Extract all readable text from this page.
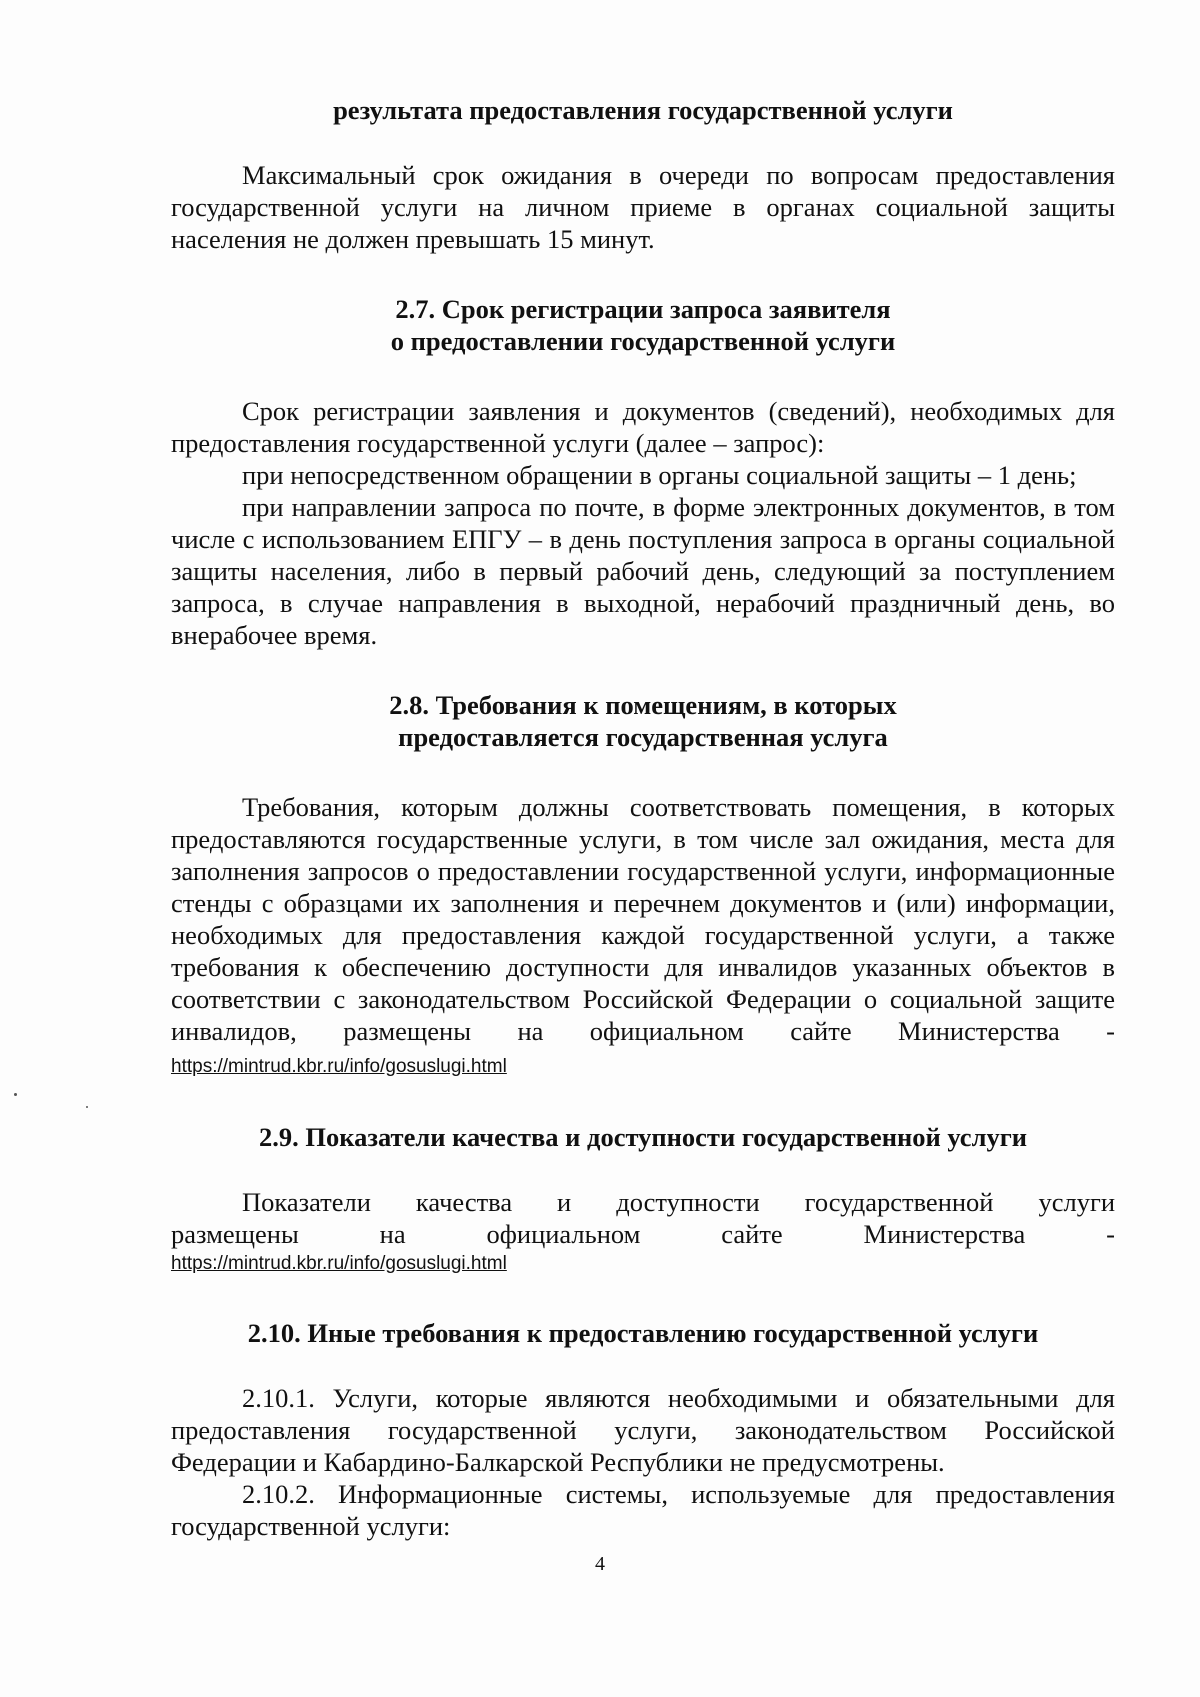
результата предоставления государственной услуги

Максимальный срок ожидания в очереди по вопросам предоставления государственной услуги на личном приеме в органах социальной защиты населения не должен превышать 15 минут.

2.7. Срок регистрации запроса заявителя

о предоставлении государственной услуги

Срок регистрации заявления и документов (сведений), необходимых для предоставления государственной услуги (далее – запрос):

при непосредственном обращении в органы социальной защиты – 1 день;

при направлении запроса по почте, в форме электронных документов, в том числе с использованием ЕПГУ – в день поступления запроса в органы социальной защиты населения, либо в первый рабочий день, следующий за поступлением запроса, в случае направления в выходной, нерабочий праздничный день, во внерабочее время.

2.8. Требования к помещениям, в которых

предоставляется государственная услуга

Требования, которым должны соответствовать помещения, в которых предоставляются государственные услуги, в том числе зал ожидания, места для заполнения запросов о предоставлении государственной услуги, информационные стенды с образцами их заполнения и перечнем документов и (или) информации, необходимых для предоставления каждой государственной услуги, а также требования к обеспечению доступности для инвалидов указанных объектов в соответствии с законодательством Российской Федерации о социальной защите инвалидов, размещены на официальном сайте Министерства - https://mintrud.kbr.ru/info/gosuslugi.html

2.9. Показатели качества и доступности государственной услуги

Показатели качества и доступности государственной услуги

размещены	на	официальном	сайте	Министерства	-
https://mintrud.kbr.ru/info/gosuslugi.html

2.10. Иные требования к предоставлению государственной услуги

2.10.1. Услуги, которые являются необходимыми и обязательными для предоставления государственной услуги, законодательством Российской Федерации и Кабардино-Балкарской Республики не предусмотрены.

2.10.2. Информационные системы, используемые для предоставления государственной услуги:

4
